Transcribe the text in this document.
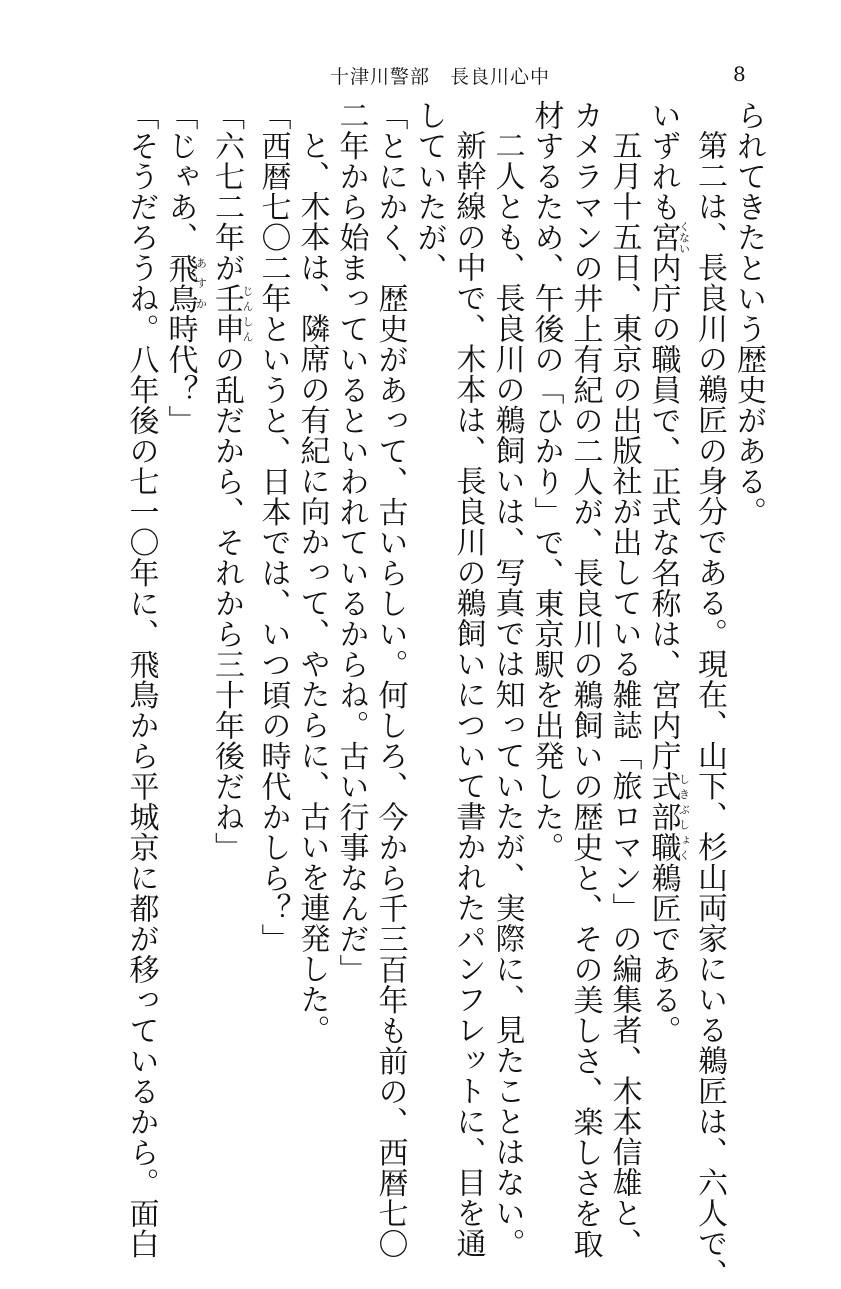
十津川警部　長良川心中	8
られてきたという歴史がある。
第二は、長良川の鵜匠の身分である。現在、山下、杉山両家にいる鵜匠は、六人で、
いずれも宮くない内庁の職員で、正式な名称は、宮内庁式部職しきぶしょく鵜匠である。
五月十五日、東京の出版社が出している雑誌「旅ロマン」の編集者、木本信雄と、
カメラマンの井上有紀の二人が、長良川の鵜飼いの歴史と、その美しさ、楽しさを取
材するため、午後の「ひかり」で、東京駅を出発した。
二人とも、長良川の鵜飼いは、写真では知っていたが、実際に、見たことはない。
新幹線の中で、木本は、長良川の鵜飼いについて書かれたパンフレットに、目を通
していたが、
「とにかく、歴史があって、古いらしい。何しろ、今から千三百年も前の、西暦七〇
二年から始まっているといわれているからね。古い行事なんだ」
と、木本は、隣席の有紀に向かって、やたらに、古いを連発した。
「西暦七〇二年というと、日本では、いつ頃の時代かしら？」
「六七二年が壬申じんしんの乱だから、それから三十年後だね」
「じゃあ、飛鳥あすか時代？」
「そうだろうね。八年後の七一〇年に、飛鳥から平城京に都が移っているから。面白
